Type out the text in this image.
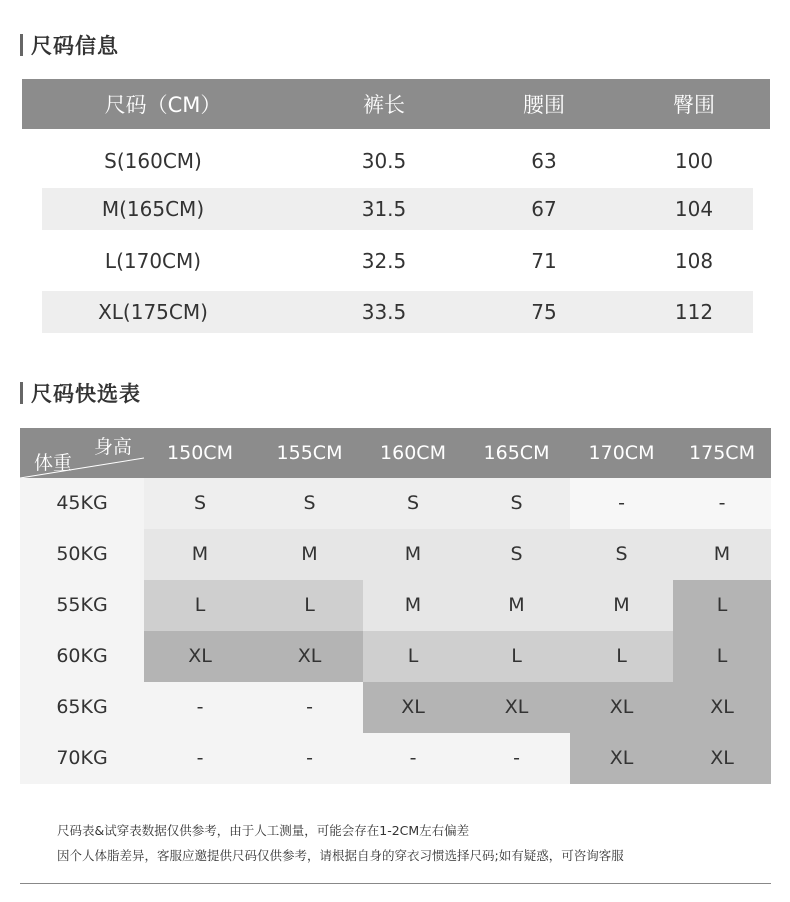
尺码信息
尺码（CM）	裤长	腰围	臀围
S(160CM)	30.5	63	100
M(165CM)	31.5	67	104
L(170CM)	32.5	71	108
XL(175CM)	33.5	75	112
尺码快选表
身高
体重	150CM	155CM	160CM	165CM	170CM	175CM
45KG	S	S	S	S	-	-
50KG	M	M	M	S	S	M
55KG	L	L	M	M	M	L
60KG	XL	XL	L	L	L	L
65KG	-	-	XL	XL	XL	XL
70KG	-	-	-	-	XL	XL
尺码表&试穿表数据仅供参考，由于人工测量，可能会存在1-2CM左右偏差
因个人体脂差异，客服应邀提供尺码仅供参考，请根据自身的穿衣习惯选择尺码;如有疑惑，可咨询客服
